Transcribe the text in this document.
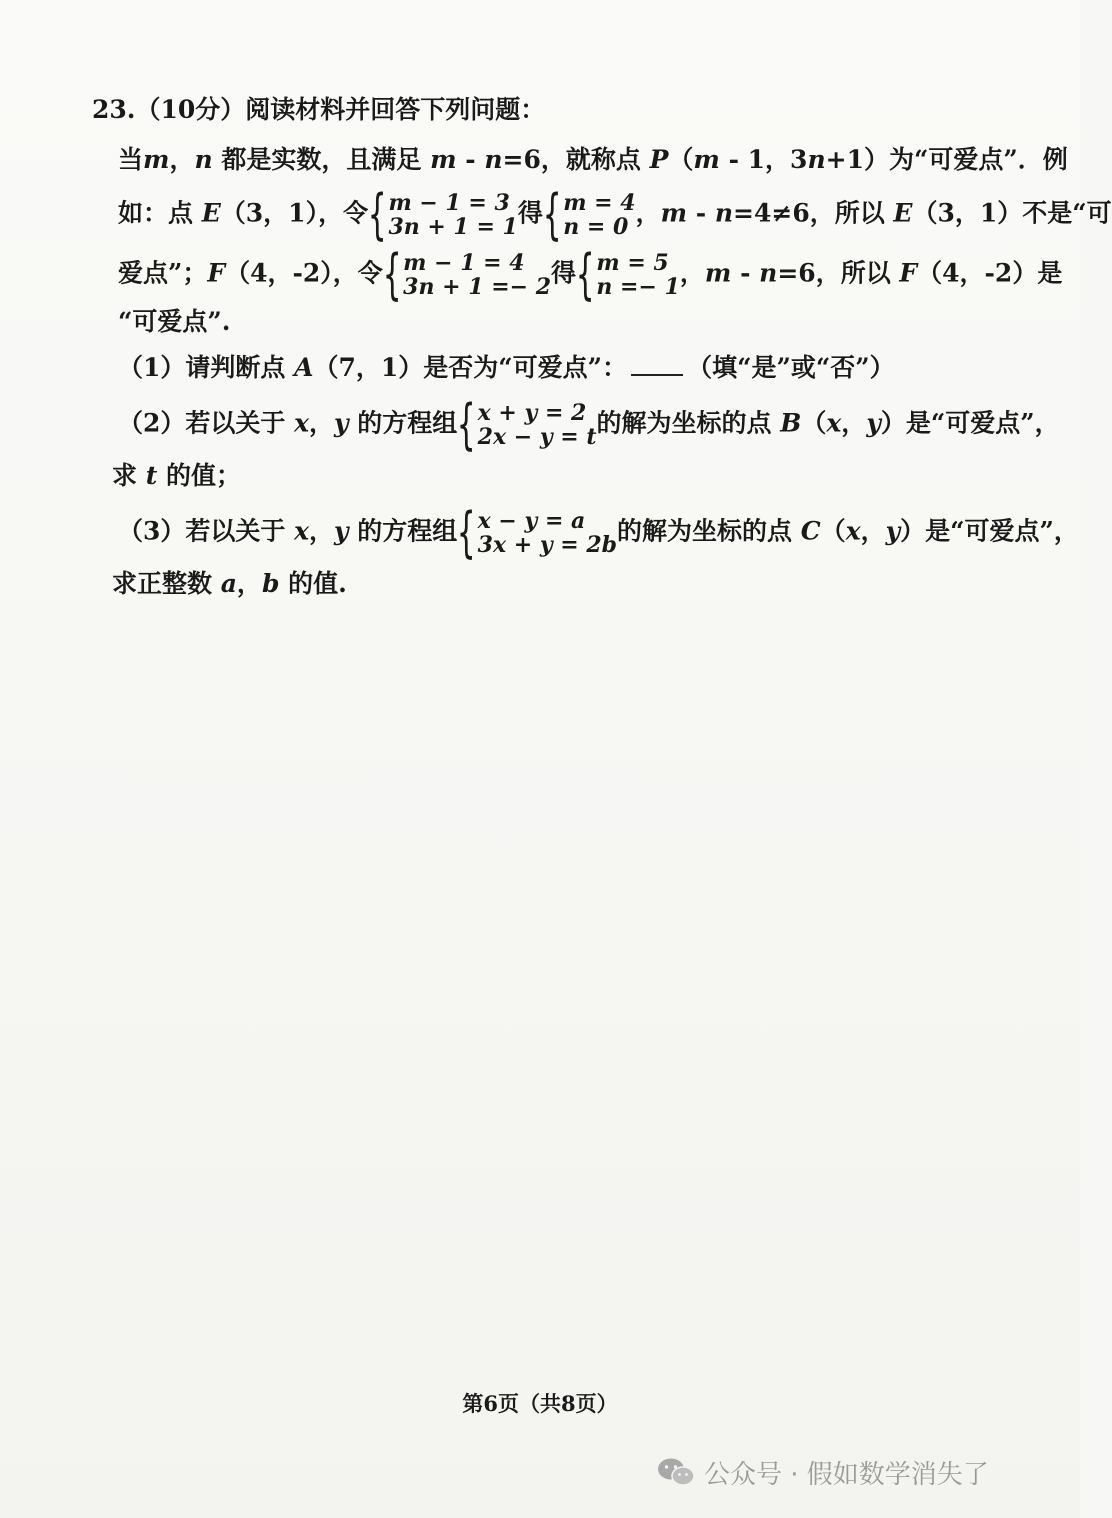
23.（10分）阅读材料并回答下列问题：
当m，n 都是实数，且满足 m - n=6，就称点 P（m - 1，3n+1）为“可爱点”．例
如：点 E（3，1），令{ m − 1 = 3
3n + 1 = 1 得{ m = 4
n = 0 ，m - n=4≠6，所以 E（3，1）不是“可
爱点”；F（4，-2），令{ m − 1 = 4
3n + 1 =− 2 得{ m = 5
n =− 1 ，m - n=6，所以 F（4，-2）是
“可爱点”.
（1）请判断点 A（7，1）是否为“可爱点”： （填“是”或“否”）
（2）若以关于 x，y 的方程组{ x + y = 2
2x − y = t 的解为坐标的点 B（x，y）是“可爱点”，
求 t 的值；
（3）若以关于 x，y 的方程组{ x − y = a
3x + y = 2b 的解为坐标的点 C（x，y）是“可爱点”，
求正整数 a，b 的值.
第6页（共8页）
公众号 · 假如数学消失了
